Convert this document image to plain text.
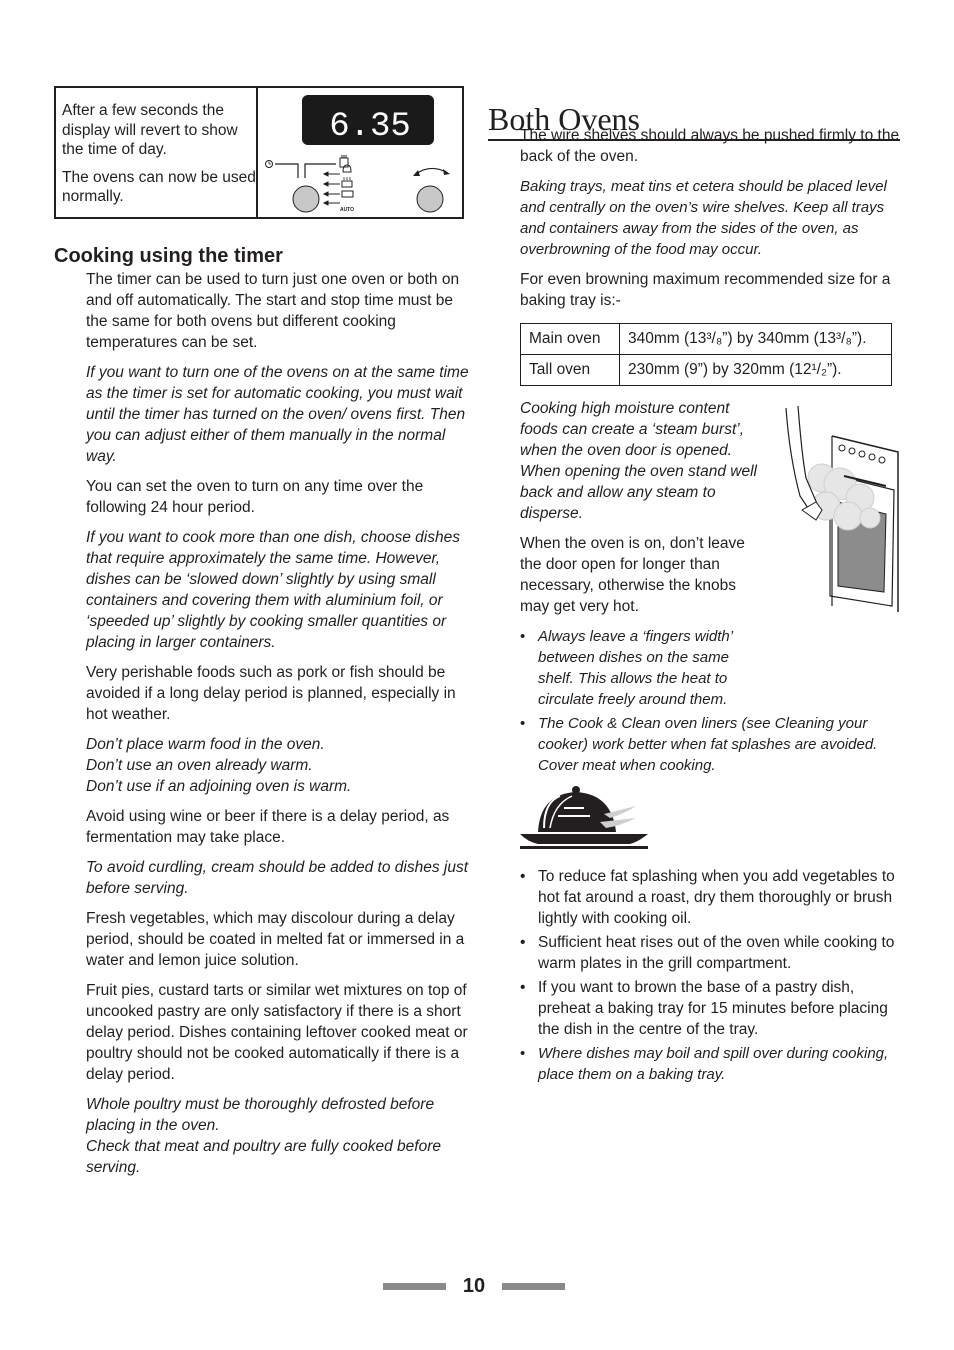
After a few seconds the display will revert to show the time of day.

The ovens can now be used normally.

6.35
AUTO
Cooking using the timer

The timer can be used to turn just one oven or both on and off automatically. The start and stop time must be the same for both ovens but different cooking temperatures can be set.

If you want to turn one of the ovens on at the same time as the timer is set for automatic cooking, you must wait until the timer has turned on the oven/ ovens first. Then you can adjust either of them manually in the normal way.

You can set the oven to turn on any time over the following 24 hour period.

If you want to cook more than one dish, choose dishes that require approximately the same time. However, dishes can be ‘slowed down’ slightly by using small containers and covering them with aluminium foil, or ‘speeded up’ slightly by cooking smaller quantities or placing in larger containers.

Very perishable foods such as pork or fish should be avoided if a long delay period is planned, especially in hot weather.

Don’t place warm food in the oven.
Don’t use an oven already warm.
Don’t use if an adjoining oven is warm.

Avoid using wine or beer if there is a delay period, as fermentation may take place.

To avoid curdling, cream should be added to dishes just before serving.

Fresh vegetables, which may discolour during a delay period, should be coated in melted fat or immersed in a water and lemon juice solution.

Fruit pies, custard tarts or similar wet mixtures on top of uncooked pastry are only satisfactory if there is a short delay period. Dishes containing leftover cooked meat or poultry should not be cooked automatically if there is a delay period.

Whole poultry must be thoroughly defrosted before placing in the oven.
Check that meat and poultry are fully cooked before serving.

Both Ovens

The wire shelves should always be pushed firmly to the back of the oven.

Baking trays, meat tins et cetera should be placed level and centrally on the oven’s wire shelves. Keep all trays and containers away from the sides of the oven, as overbrowning of the food may occur.

For even browning maximum recommended size for a baking tray is:-

Main oven	340mm (13³/₈”) by 340mm (13³/₈”).
Tall oven	230mm (9”) by 320mm (12¹/₂”).

Cooking high moisture content foods can create a ‘steam burst’, when the oven door is opened. When opening the oven stand well back and allow any steam to disperse.

When the oven is on, don’t leave the door open for longer than necessary, otherwise the knobs may get very hot.

• Always leave a ‘fingers width’ between dishes on the same shelf. This allows the heat to circulate freely around them.
• The Cook & Clean oven liners (see Cleaning your cooker) work better when fat splashes are avoided. Cover meat when cooking.
• To reduce fat splashing when you add vegetables to hot fat around a roast, dry them thoroughly or brush lightly with cooking oil.
• Sufficient heat rises out of the oven while cooking to warm plates in the grill compartment.
• If you want to brown the base of a pastry dish, preheat a baking tray for 15 minutes before placing the dish in the centre of the tray.
• Where dishes may boil and spill over during cooking, place them on a baking tray.
10
